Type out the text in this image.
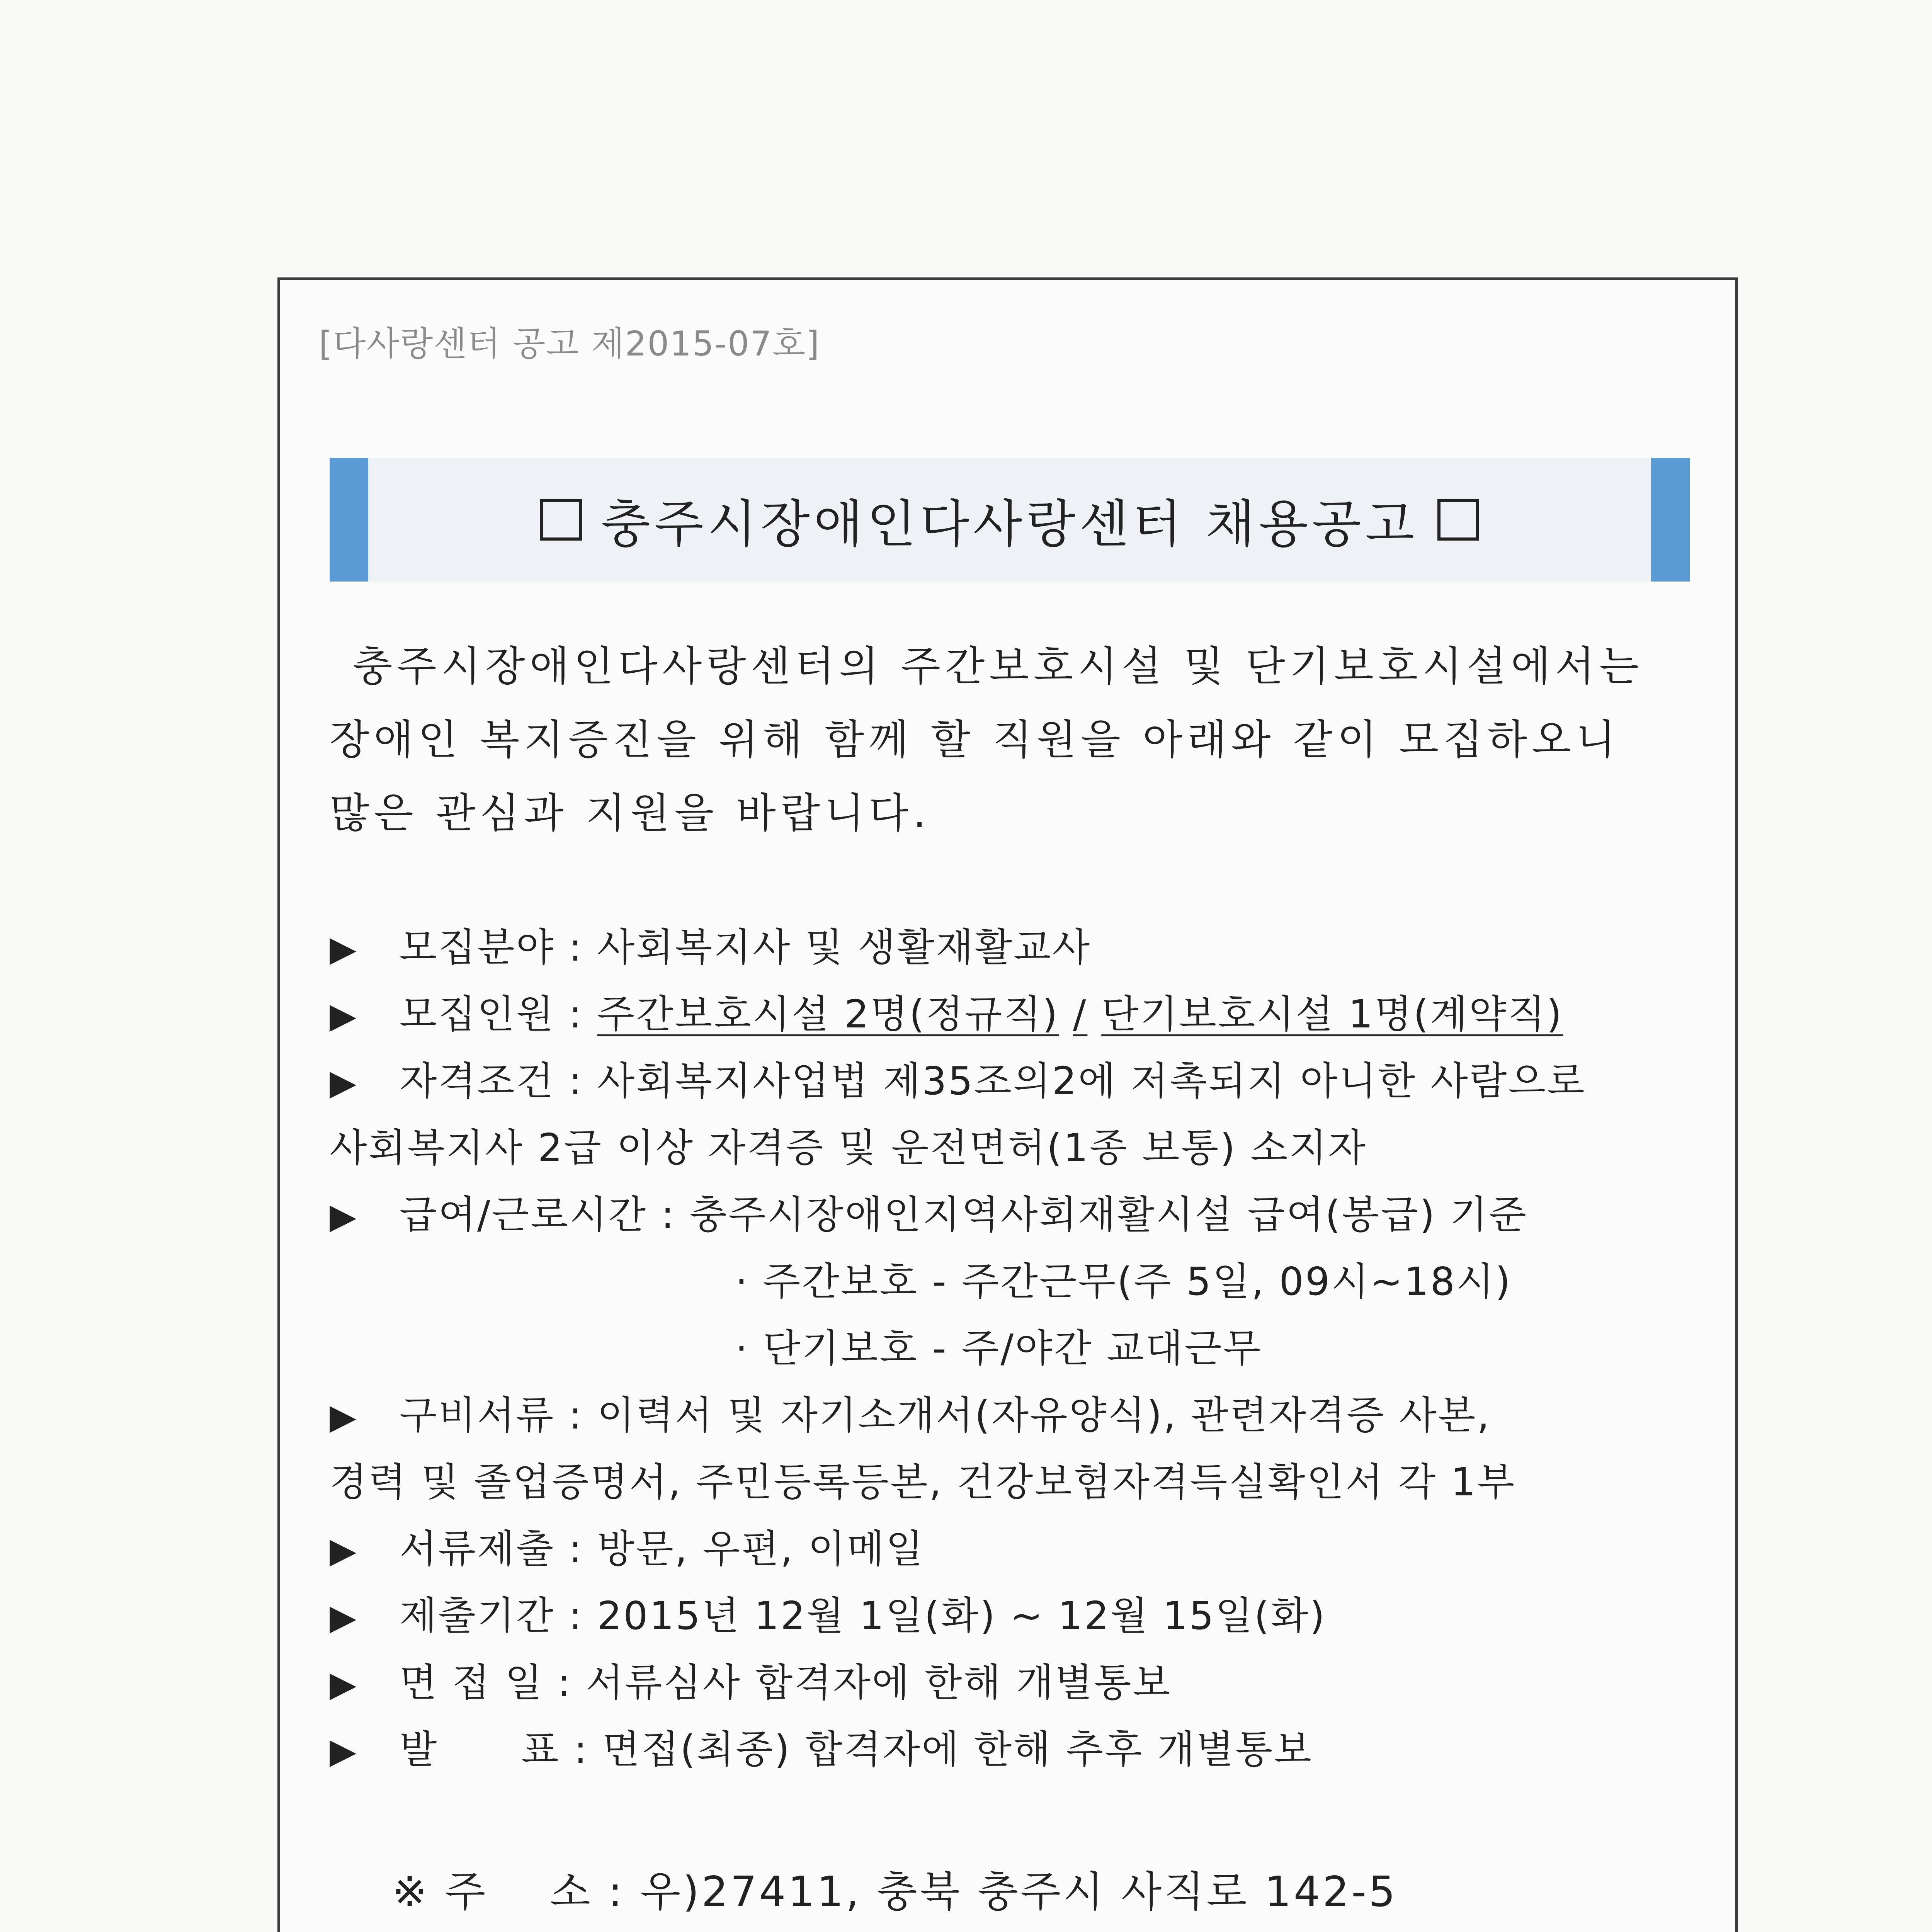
[다사랑센터 공고 제2015-07호]
충주시장애인다사랑센터 채용공고
충주시장애인다사랑센터의 주간보호시설 및 단기보호시설에서는
장애인 복지증진을 위해 함께 할 직원을 아래와 같이 모집하오니
많은 관심과 지원을 바랍니다.
▶ 모집분야 : 사회복지사 및 생활재활교사
▶ 모집인원 : 주간보호시설 2명(정규직) / 단기보호시설 1명(계약직)
▶ 자격조건 : 사회복지사업법 제35조의2에 저촉되지 아니한 사람으로
사회복지사 2급 이상 자격증 및 운전면허(1종 보통) 소지자
▶ 급여/근로시간 : 충주시장애인지역사회재활시설 급여(봉급) 기준
· 주간보호 - 주간근무(주 5일, 09시~18시)
· 단기보호 - 주/야간 교대근무
▶ 구비서류 : 이력서 및 자기소개서(자유양식), 관련자격증 사본,
경력 및 졸업증명서, 주민등록등본, 건강보험자격득실확인서 각 1부
▶ 서류제출 : 방문, 우편, 이메일
▶ 제출기간 : 2015년 12월 1일(화) ~ 12월 15일(화)
▶ 면 접 일 : 서류심사 합격자에 한해 개별통보
▶ 발      표 : 면접(최종) 합격자에 한해 추후 개별통보
※ 주    소 : 우)27411, 충북 충주시 사직로 142-5
